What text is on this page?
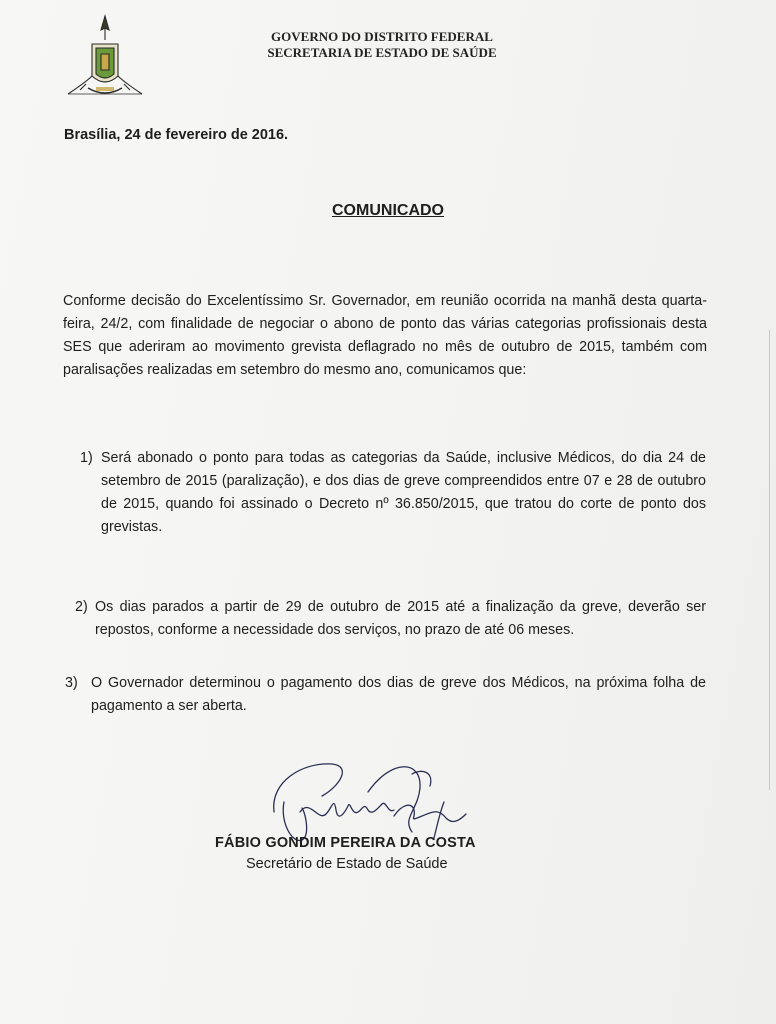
GOVERNO DO DISTRITO FEDERAL
SECRETARIA DE ESTADO DE SAÚDE
Brasília, 24 de fevereiro de 2016.
COMUNICADO
Conforme decisão do Excelentíssimo Sr. Governador, em reunião ocorrida na manhã desta quarta-feira, 24/2, com finalidade de negociar o abono de ponto das várias categorias profissionais desta SES que aderiram ao movimento grevista deflagrado no mês de outubro de 2015, também com paralisações realizadas em setembro do mesmo ano, comunicamos que:
1) Será abonado o ponto para todas as categorias da Saúde, inclusive Médicos, do dia 24 de setembro de 2015 (paralização), e dos dias de greve compreendidos entre 07 e 28 de outubro de 2015, quando foi assinado o Decreto nº 36.850/2015, que tratou do corte de ponto dos grevistas.
2) Os dias parados a partir de 29 de outubro de 2015 até a finalização da greve, deverão ser repostos, conforme a necessidade dos serviços, no prazo de até 06 meses.
3) O Governador determinou o pagamento dos dias de greve dos Médicos, na próxima folha de pagamento a ser aberta.
FÁBIO GONDIM PEREIRA DA COSTA
Secretário de Estado de Saúde
